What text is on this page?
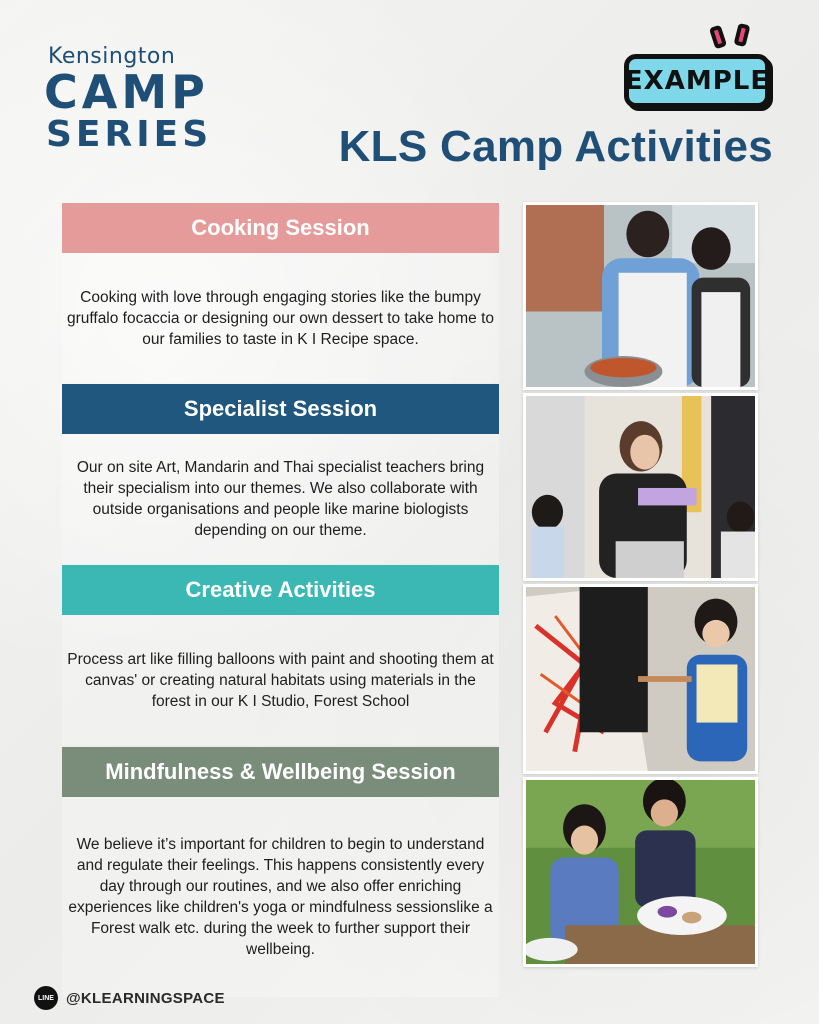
Kensington
CAMP
SERIES
EXAMPLE
KLS Camp Activities
Cooking Session
Cooking with love through engaging stories like the bumpy gruffalo focaccia or designing our own dessert to take home to our families to taste in K I Recipe space.
Specialist Session
Our on site Art, Mandarin and Thai specialist teachers bring their specialism into our themes. We also collaborate with outside organisations and people like marine biologists depending on our theme.
Creative Activities
Process art like filling balloons with paint and shooting them at canvas' or creating natural habitats using materials in the forest in our K I Studio, Forest School
Mindfulness & Wellbeing Session
We believe it’s important for children to begin to understand and regulate their feelings. This happens consistently every day through our routines, and we also offer enriching experiences like children's yoga or mindfulness sessionslike a Forest walk etc. during the week to further support their wellbeing.
LINE @KLEARNINGSPACE
